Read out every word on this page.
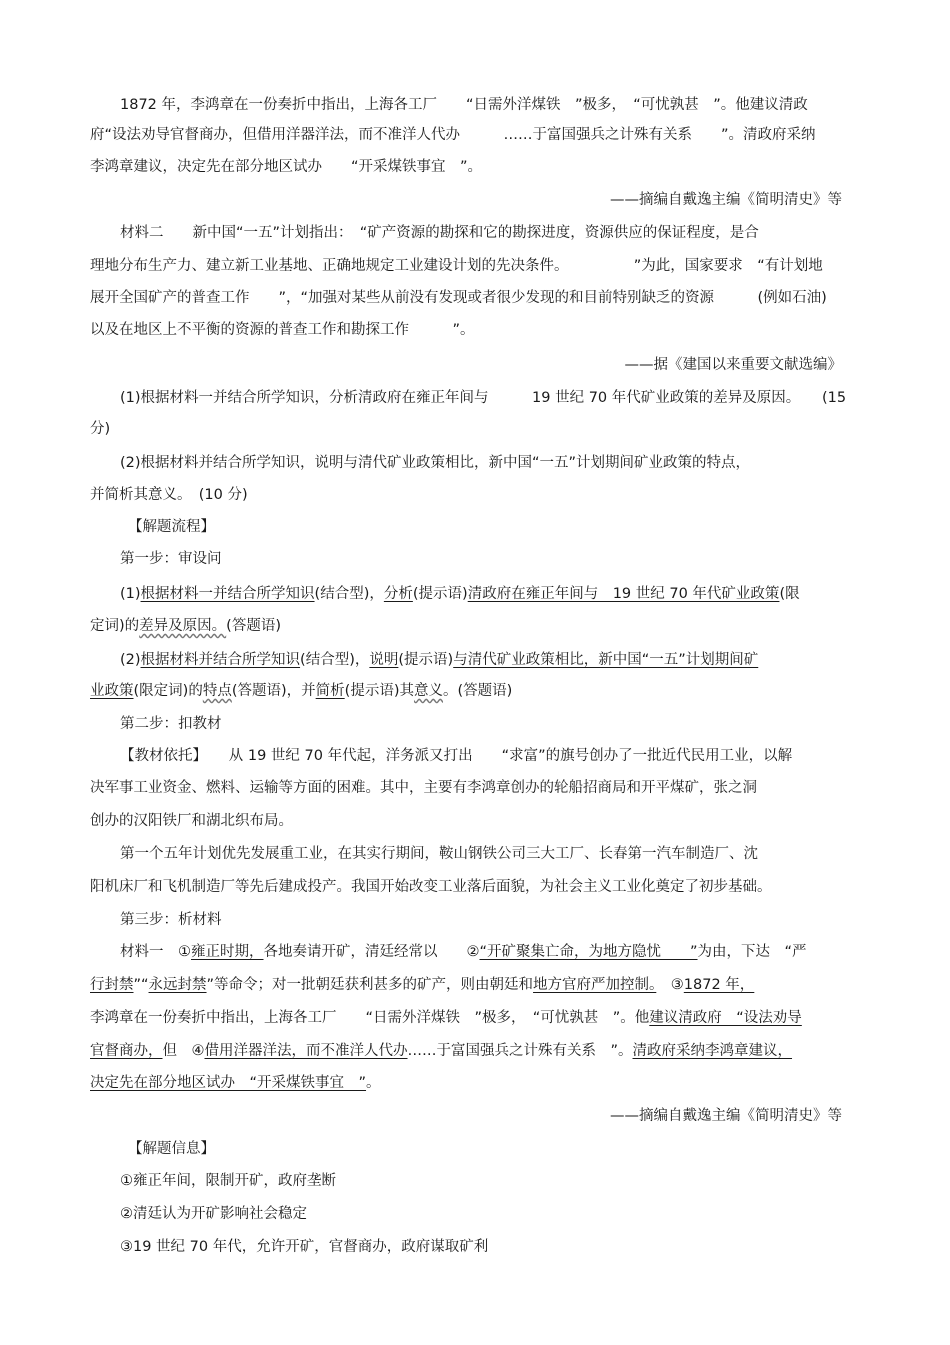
1872 年，李鸿章在一份奏折中指出，上海各工厂　　“日需外洋煤铁　”极多，　“可忧孰甚　”。他建议清政
府“设法劝导官督商办，但借用洋器洋法，而不准洋人代办　　　……于富国强兵之计殊有关系　　”。清政府采纳
李鸿章建议，决定先在部分地区试办　　“开采煤铁事宜　”。
——摘编自戴逸主编《简明清史》等
材料二　　新中国“一五”计划指出：　“矿产资源的勘探和它的勘探进度，资源供应的保证程度，是合
理地分布生产力、建立新工业基地、正确地规定工业建设计划的先决条件。　　　　　”为此，国家要求　“有计划地
展开全国矿产的普查工作　　”，“加强对某些从前没有发现或者很少发现的和目前特别缺乏的资源　　　(例如石油)
以及在地区上不平衡的资源的普查工作和勘探工作　　　”。
——据《建国以来重要文献选编》
(1)根据材料一并结合所学知识，分析清政府在雍正年间与　　　19 世纪 70 年代矿业政策的差异及原因。　　(15
分)
(2)根据材料并结合所学知识，说明与清代矿业政策相比，新中国“一五”计划期间矿业政策的特点，
并简析其意义。　(10 分)
【解题流程】
第一步：审设问
(1)根据材料一并结合所学知识(结合型)，分析(提示语)清政府在雍正年间与　19 世纪 70 年代矿业政策(限
定词)的差异及原因。(答题语)
(2)根据材料并结合所学知识(结合型)，说明(提示语)与清代矿业政策相比，新中国“一五”计划期间矿
业政策(限定词)的特点(答题语)，并简析(提示语)其意义。(答题语)
第二步：扣教材
【教材依托】　　从 19 世纪 70 年代起，洋务派又打出　　“求富”的旗号创办了一批近代民用工业，以解
决军事工业资金、燃料、运输等方面的困难。其中，主要有李鸿章创办的轮船招商局和开平煤矿，张之洞
创办的汉阳铁厂和湖北织布局。
第一个五年计划优先发展重工业，在其实行期间，鞍山钢铁公司三大工厂、长春第一汽车制造厂、沈
阳机床厂和飞机制造厂等先后建成投产。我国开始改变工业落后面貌，为社会主义工业化奠定了初步基础。
第三步：析材料
材料一　①雍正时期，各地奏请开矿，清廷经常以　　②“开矿聚集亡命，为地方隐忧　　”为由，下达　“严
行封禁”“永远封禁”等命令；对一批朝廷获利甚多的矿产，则由朝廷和地方官府严加控制。　③1872 年，
李鸿章在一份奏折中指出，上海各工厂　　“日需外洋煤铁　”极多，　“可忧孰甚　”。他建议清政府　“设法劝导
官督商办，但　④借用洋器洋法，而不准洋人代办……于富国强兵之计殊有关系　”。清政府采纳李鸿章建议，
决定先在部分地区试办　“开采煤铁事宜　”。
——摘编自戴逸主编《简明清史》等
【解题信息】
①雍正年间，限制开矿，政府垄断
②清廷认为开矿影响社会稳定
③19 世纪 70 年代，允许开矿，官督商办，政府谋取矿利
